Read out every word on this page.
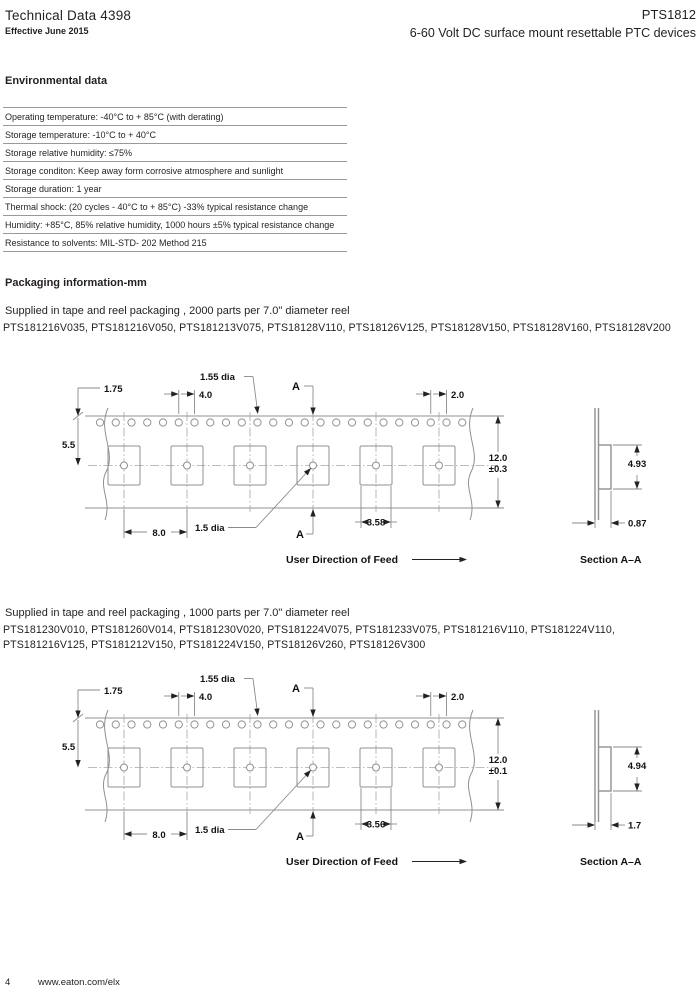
Technical Data 4398
Effective June 2015
PTS1812
6-60 Volt DC surface mount resettable PTC devices
Environmental data
Operating temperature: -40°C to + 85°C (with derating)
Storage temperature: -10°C to + 40°C
Storage relative humidity: ≤75%
Storage conditon: Keep away form corrosive atmosphere and sunlight
Storage duration: 1 year
Thermal shock: (20 cycles - 40°C to + 85°C) -33% typical resistance change
Humidity: +85°C, 85% relative humidity, 1000 hours ±5% typical resistance change
Resistance to solvents: MIL-STD- 202 Method 215
Packaging information-mm
Supplied in tape and reel packaging , 2000 parts per 7.0" diameter reel
PTS181216V035, PTS181216V050, PTS181213V075, PTS18128V110, PTS18126V125, PTS18128V150, PTS18128V160, PTS18128V200
1.75
5.5
4.0	2.0
1.55 dia
A
A
8.0	1.5 dia	3.58
12.0
±0.3
User Direction of Feed
4.93
0.87
Section A–A
Supplied in tape and reel packaging , 1000 parts per 7.0" diameter reel
PTS181230V010, PTS181260V014, PTS181230V020, PTS181224V075, PTS181233V075, PTS181216V110, PTS181224V110,
PTS181216V125, PTS181212V150, PTS181224V150, PTS18126V260, PTS18126V300
1.75
5.5
4.0	2.0
1.55 dia
A
A
8.0	1.5 dia	3.56
12.0
±0.1
User Direction of Feed
4.94
1.7
Section A–A
4	www.eaton.com/elx
